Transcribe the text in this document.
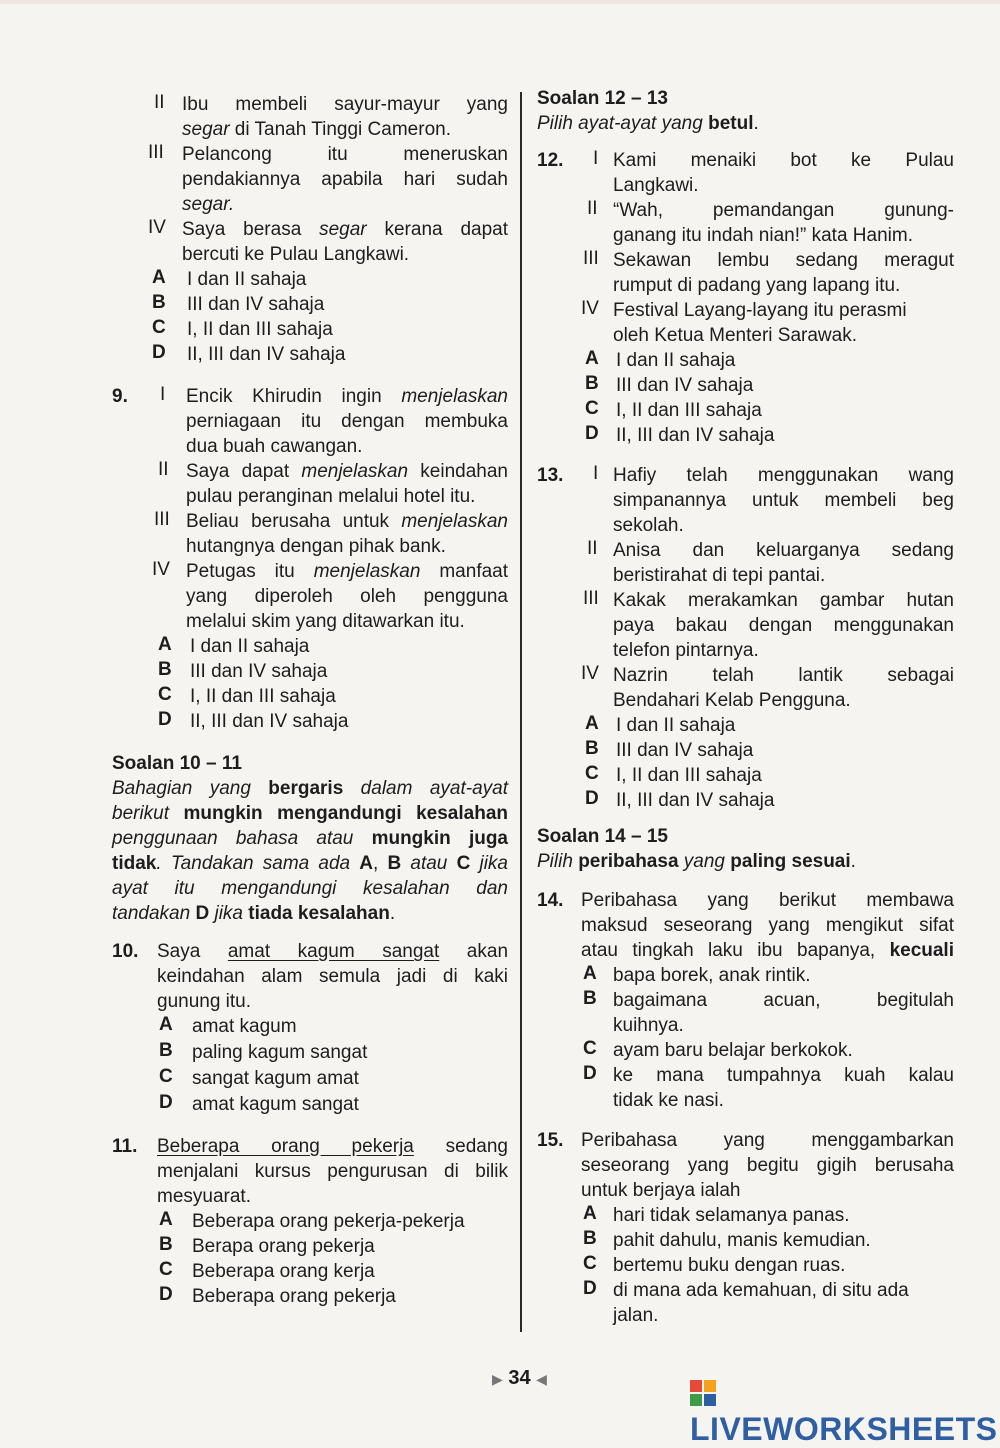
II Ibu membeli sayur-mayur yang
segar di Tanah Tinggi Cameron.
III Pelancong itu meneruskan
pendakiannya apabila hari sudah
segar.
IV Saya berasa segar kerana dapat
bercuti ke Pulau Langkawi.
A I dan II sahaja
B III dan IV sahaja
C I, II dan III sahaja
D II, III dan IV sahaja
9.	I	Encik Khirudin ingin menjelaskan
perniagaan itu dengan membuka
dua buah cawangan.
II Saya dapat menjelaskan keindahan
pulau peranginan melalui hotel itu.
III Beliau berusaha untuk menjelaskan
hutangnya dengan pihak bank.
IV Petugas itu menjelaskan manfaat
yang diperoleh oleh pengguna
melalui skim yang ditawarkan itu.
A I dan II sahaja
B III dan IV sahaja
C I, II dan III sahaja
D II, III dan IV sahaja
Soalan 10 – 11
Bahagian yang bergaris dalam ayat-ayat
berikut mungkin mengandungi kesalahan
penggunaan bahasa atau mungkin juga
tidak. Tandakan sama ada A, B atau C jika
ayat itu mengandungi kesalahan dan
tandakan D jika tiada kesalahan.
10. Saya amat kagum sangat akan
keindahan alam semula jadi di kaki
gunung itu.
A amat kagum
B paling kagum sangat
C sangat kagum amat
D amat kagum sangat
11.	Beberapa orang pekerja sedang
menjalani kursus pengurusan di bilik
mesyuarat.
A Beberapa orang pekerja-pekerja
B Berapa orang pekerja
C Beberapa orang kerja
D Beberapa orang pekerja
Soalan 12 – 13
Pilih ayat-ayat yang betul.
12.	I Kami menaiki bot ke Pulau
Langkawi.
II “Wah, pemandangan gunung-
ganang itu indah nian!” kata Hanim.
III Sekawan lembu sedang meragut
rumput di padang yang lapang itu.
IV Festival Layang-layang itu perasmi
oleh Ketua Menteri Sarawak.
A I dan II sahaja
B III dan IV sahaja
C I, II dan III sahaja
D II, III dan IV sahaja
13.	I Hafiy telah menggunakan wang
simpanannya untuk membeli beg
sekolah.
II Anisa dan keluarganya sedang
beristirahat di tepi pantai.
III Kakak merakamkan gambar hutan
paya bakau dengan menggunakan
telefon pintarnya.
IV Nazrin telah lantik sebagai
Bendahari Kelab Pengguna.
A I dan II sahaja
B III dan IV sahaja
C I, II dan III sahaja
D II, III dan IV sahaja
Soalan 14 – 15
Pilih peribahasa yang paling sesuai.
14. Peribahasa yang berikut membawa
maksud seseorang yang mengikut sifat
atau tingkah laku ibu bapanya, kecuali
A bapa borek, anak rintik.
B bagaimana acuan, begitulah
kuihnya.
C ayam baru belajar berkokok.
D ke mana tumpahnya kuah kalau
tidak ke nasi.
15. Peribahasa yang menggambarkan
seseorang yang begitu gigih berusaha
untuk berjaya ialah
A hari tidak selamanya panas.
B pahit dahulu, manis kemudian.
C bertemu buku dengan ruas.
D di mana ada kemahuan, di situ ada
jalan.
▶ 34 ◀
LIVEWORKSHEETS
